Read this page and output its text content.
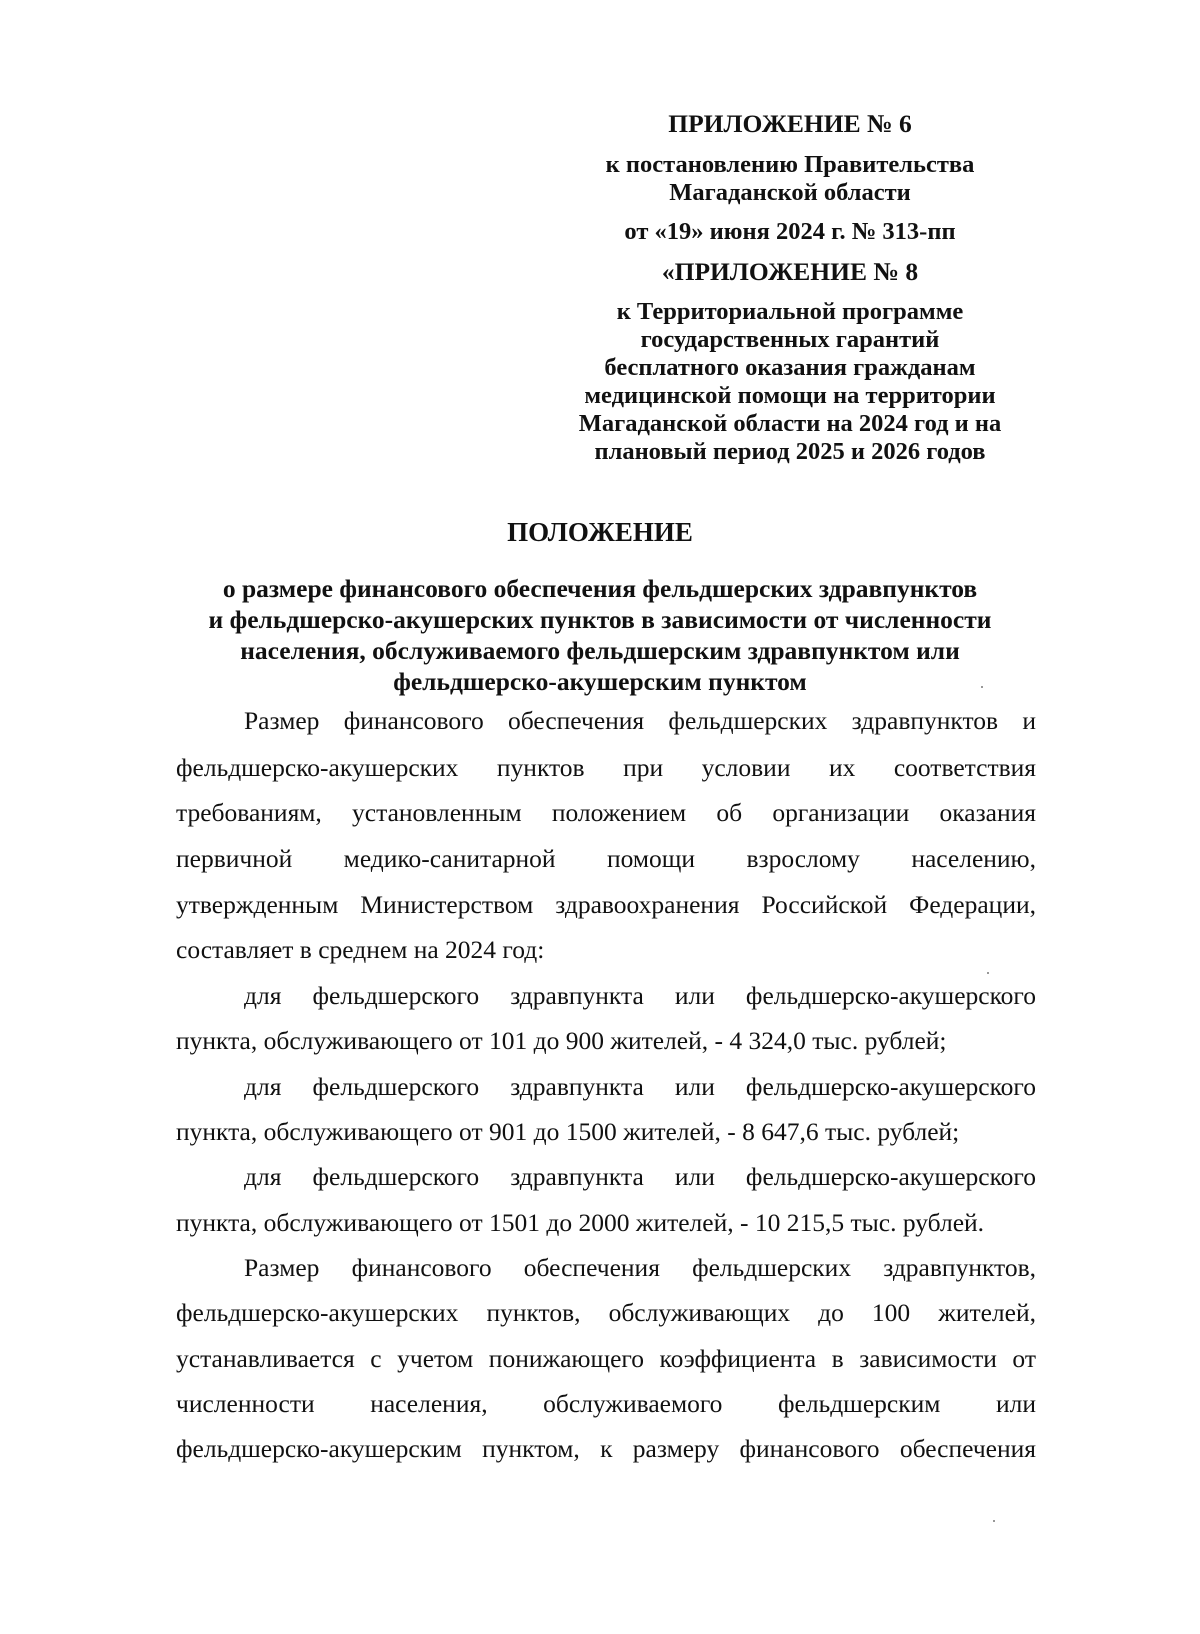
ПРИЛОЖЕНИЕ № 6
к постановлению Правительства
Магаданской области
от «19» июня 2024 г. № 313-пп
«ПРИЛОЖЕНИЕ № 8
к Территориальной программе
государственных гарантий
бесплатного оказания гражданам
медицинской помощи на территории
Магаданской области на 2024 год и на
плановый период 2025 и 2026 годов
ПОЛОЖЕНИЕ
о размере финансового обеспечения фельдшерских здравпунктов
и фельдшерско-акушерских пунктов в зависимости от численности
населения, обслуживаемого фельдшерским здравпунктом или
фельдшерско-акушерским пунктом
Размер финансового обеспечения фельдшерских здравпунктов и
фельдшерско-акушерских пунктов при условии их соответствия
требованиям, установленным положением об организации оказания
первичной медико-санитарной помощи взрослому населению,
утвержденным Министерством здравоохранения Российской Федерации,
составляет в среднем на 2024 год:
для фельдшерского здравпункта или фельдшерско-акушерского
пункта, обслуживающего от 101 до 900 жителей, - 4 324,0 тыс. рублей;
для фельдшерского здравпункта или фельдшерско-акушерского
пункта, обслуживающего от 901 до 1500 жителей, - 8 647,6 тыс. рублей;
для фельдшерского здравпункта или фельдшерско-акушерского
пункта, обслуживающего от 1501 до 2000 жителей, - 10 215,5 тыс. рублей.
Размер финансового обеспечения фельдшерских здравпунктов,
фельдшерско-акушерских пунктов, обслуживающих до 100 жителей,
устанавливается с учетом понижающего коэффициента в зависимости от
численности населения, обслуживаемого фельдшерским или
фельдшерско-акушерским пунктом, к размеру финансового обеспечения
